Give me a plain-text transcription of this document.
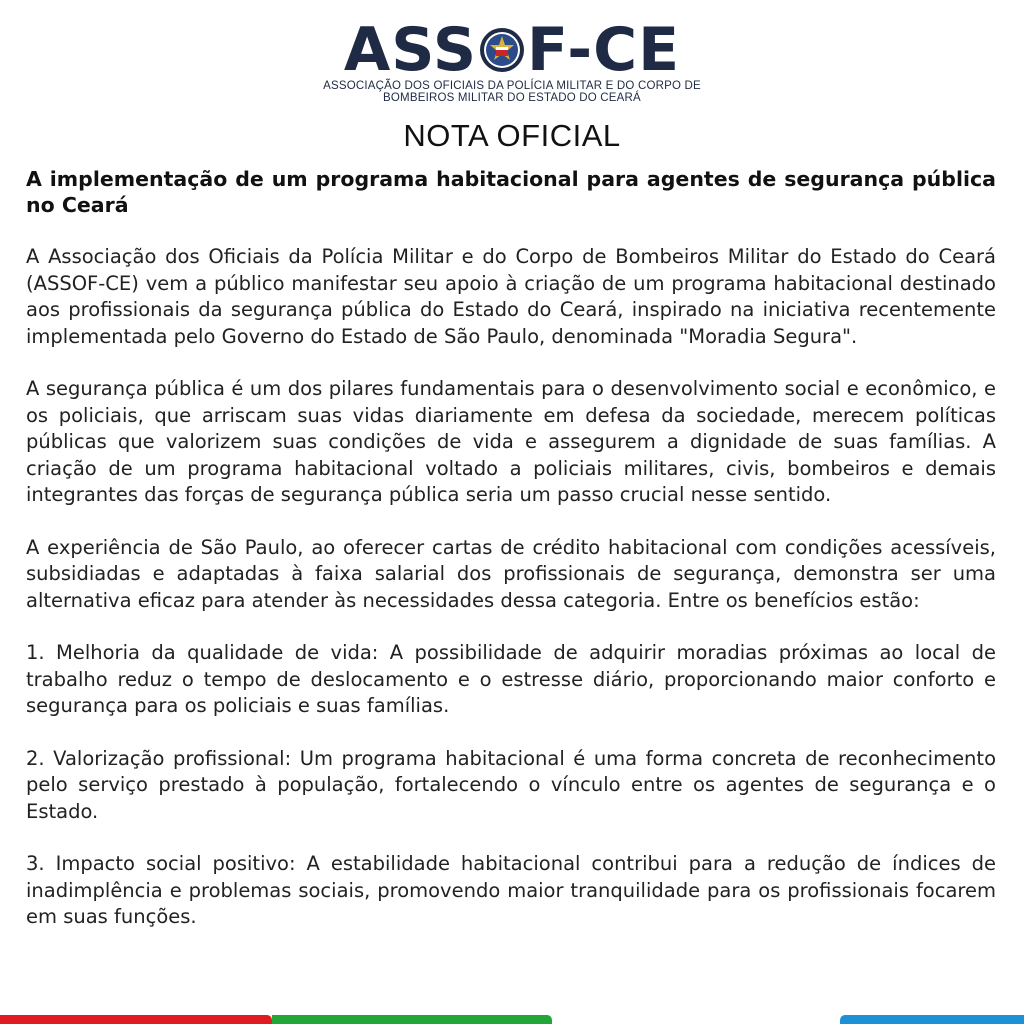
ASS F-CE
ASSOCIAÇÃO DOS OFICIAIS DA POLÍCIA MILITAR E DO CORPO DE
BOMBEIROS MILITAR DO ESTADO DO CEARÁ
NOTA OFICIAL
A implementação de um programa habitacional para agentes de segurança pública no Ceará

A Associação dos Oficiais da Polícia Militar e do Corpo de Bombeiros Militar do Estado do Ceará (ASSOF-CE) vem a público manifestar seu apoio à criação de um programa habitacional destinado aos profissionais da segurança pública do Estado do Ceará, inspirado na iniciativa recentemente implementada pelo Governo do Estado de São Paulo, denominada "Moradia Segura".

A segurança pública é um dos pilares fundamentais para o desenvolvimento social e econômico, e os policiais, que arriscam suas vidas diariamente em defesa da sociedade, merecem políticas públicas que valorizem suas condições de vida e assegurem a dignidade de suas famílias. A criação de um programa habitacional voltado a policiais militares, civis, bombeiros e demais integrantes das forças de segurança pública seria um passo crucial nesse sentido.

A experiência de São Paulo, ao oferecer cartas de crédito habitacional com condições acessíveis, subsidiadas e adaptadas à faixa salarial dos profissionais de segurança, demonstra ser uma alternativa eficaz para atender às necessidades dessa categoria. Entre os benefícios estão:

1. Melhoria da qualidade de vida: A possibilidade de adquirir moradias próximas ao local de trabalho reduz o tempo de deslocamento e o estresse diário, proporcionando maior conforto e segurança para os policiais e suas famílias.

2. Valorização profissional: Um programa habitacional é uma forma concreta de reconhecimento pelo serviço prestado à população, fortalecendo o vínculo entre os agentes de segurança e o Estado.

3. Impacto social positivo: A estabilidade habitacional contribui para a redução de índices de inadimplência e problemas sociais, promovendo maior tranquilidade para os profissionais focarem em suas funções.
